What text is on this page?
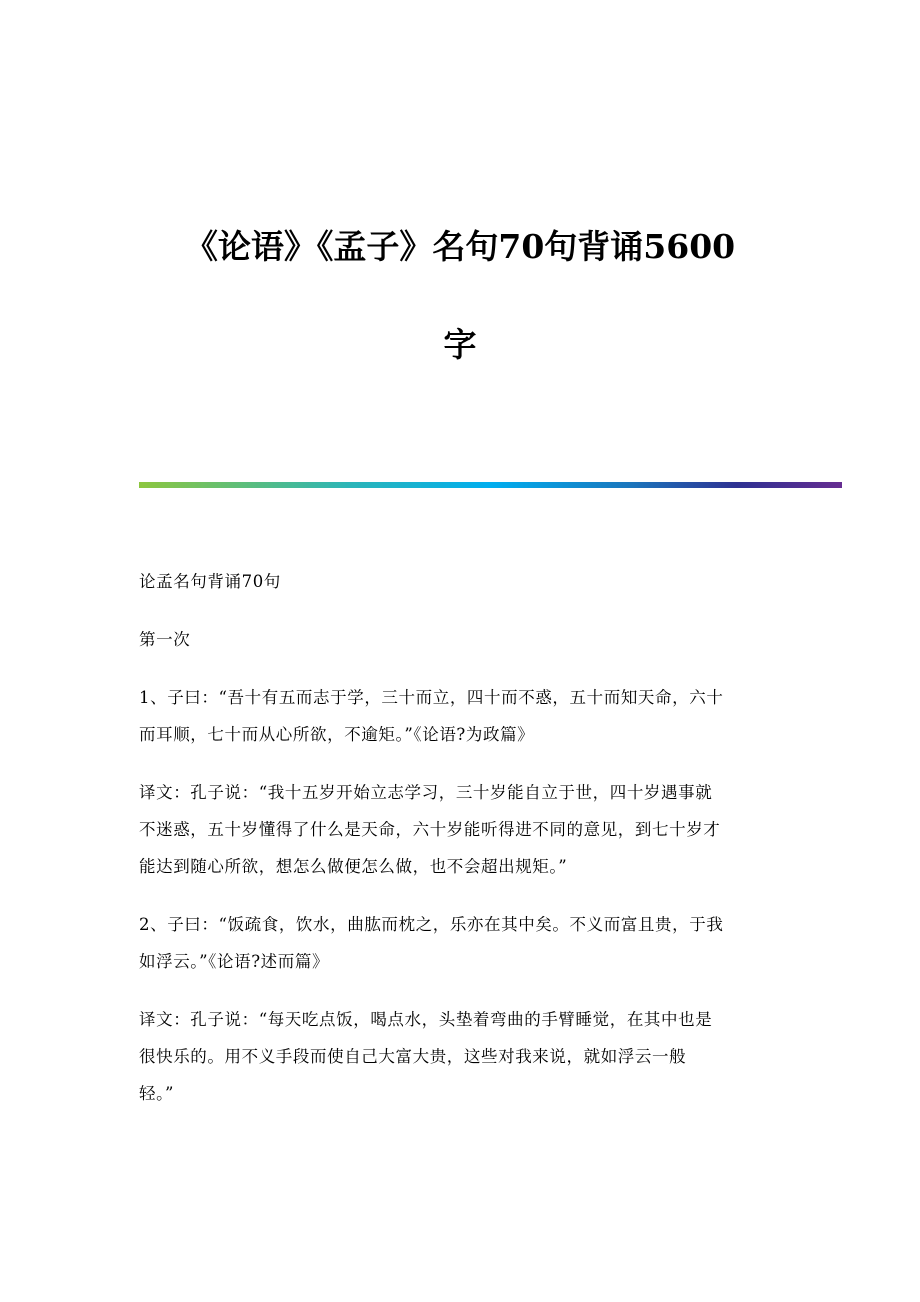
《论语》《孟子》名句70句背诵5600
字

论孟名句背诵70句

第一次

1、子曰：“吾十有五而志于学，三十而立，四十而不惑，五十而知天命，六十
而耳顺，七十而从心所欲，不逾矩。”《论语?为政篇》

译文：孔子说：“我十五岁开始立志学习，三十岁能自立于世，四十岁遇事就
不迷惑，五十岁懂得了什么是天命，六十岁能听得进不同的意见，到七十岁才
能达到随心所欲，想怎么做便怎么做，也不会超出规矩。”

2、子曰：“饭疏食，饮水，曲肱而枕之，乐亦在其中矣。不义而富且贵，于我
如浮云。”《论语?述而篇》

译文：孔子说：“每天吃点饭，喝点水，头垫着弯曲的手臂睡觉，在其中也是
很快乐的。用不义手段而使自己大富大贵，这些对我来说，就如浮云一般
轻。”
